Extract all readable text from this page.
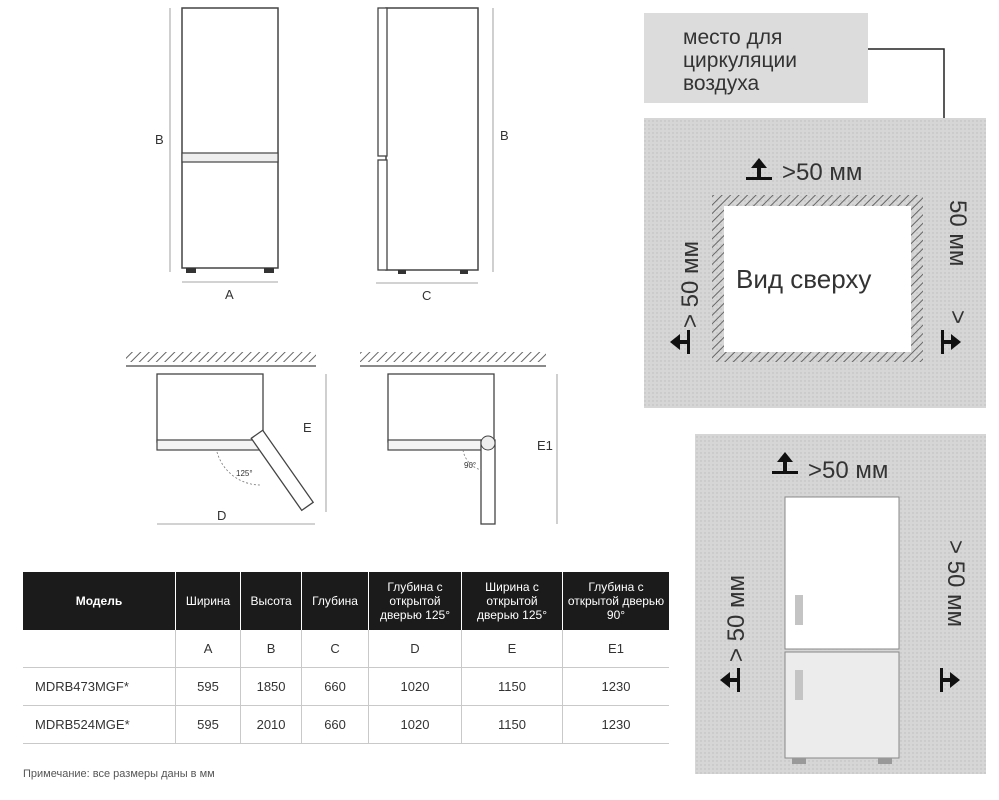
B
A
B
C
125°
E
D
90°
E1
место для
циркуляции
воздуха
Вид сверху
>50 мм
> 50 мм	>
50 мм
>50 мм
> 50 мм	> 50 мм
Модель	Ширина	Высота	Глубина	Глубина с открытой дверью 125°	Ширина с открытой дверью 125°	Глубина с открытой дверью 90°
	A	B	C	D	E	E1
MDRB473MGF*	595	1850	660	1020	1150	1230
MDRB524MGE*	595	2010	660	1020	1150	1230
Примечание: все размеры даны в мм
